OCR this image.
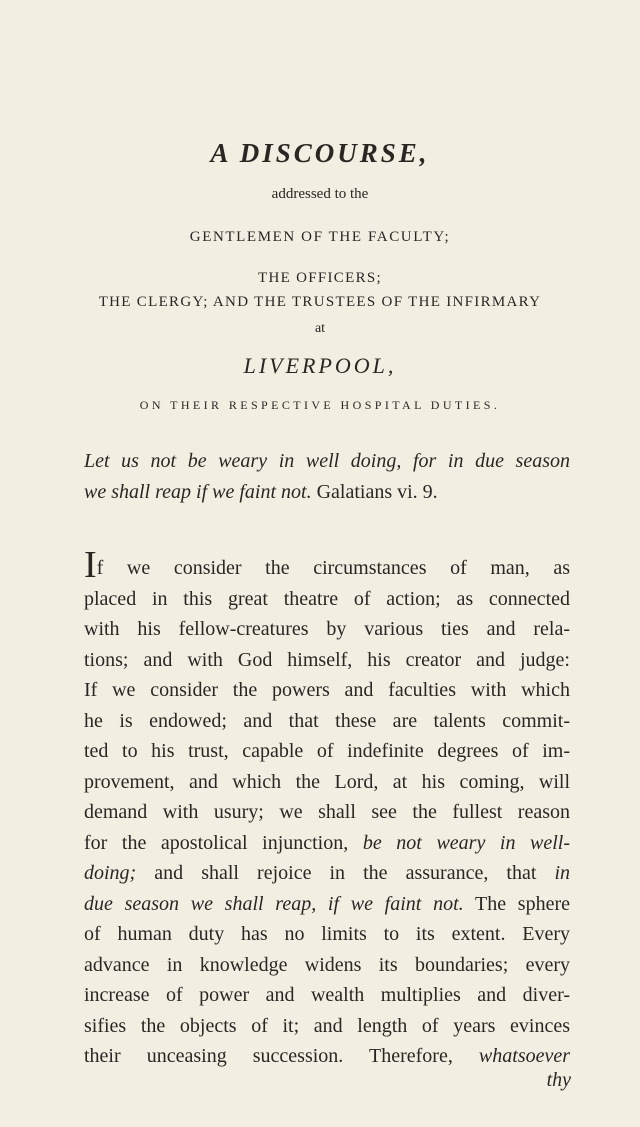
A DISCOURSE,
addressed to the
GENTLEMEN OF THE FACULTY;
THE OFFICERS;
THE CLERGY; AND THE TRUSTEES OF THE INFIRMARY
at
LIVERPOOL,
ON THEIR RESPECTIVE HOSPITAL DUTIES.
Let us not be weary in well doing, for in due season
we shall reap if we faint not. Galatians vi. 9.
If we consider the circumstances of man, as
placed in this great theatre of action; as connected
with his fellow-creatures by various ties and rela-
tions; and with God himself, his creator and judge:
If we consider the powers and faculties with which
he is endowed; and that these are talents commit-
ted to his trust, capable of indefinite degrees of im-
provement, and which the Lord, at his coming, will
demand with usury; we shall see the fullest reason
for the apostolical injunction, be not weary in well-
doing; and shall rejoice in the assurance, that in
due season we shall reap, if we faint not. The sphere
of human duty has no limits to its extent. Every
advance in knowledge widens its boundaries; every
increase of power and wealth multiplies and diver-
sifies the objects of it; and length of years evinces
their unceasing succession. Therefore, whatsoever
thy
